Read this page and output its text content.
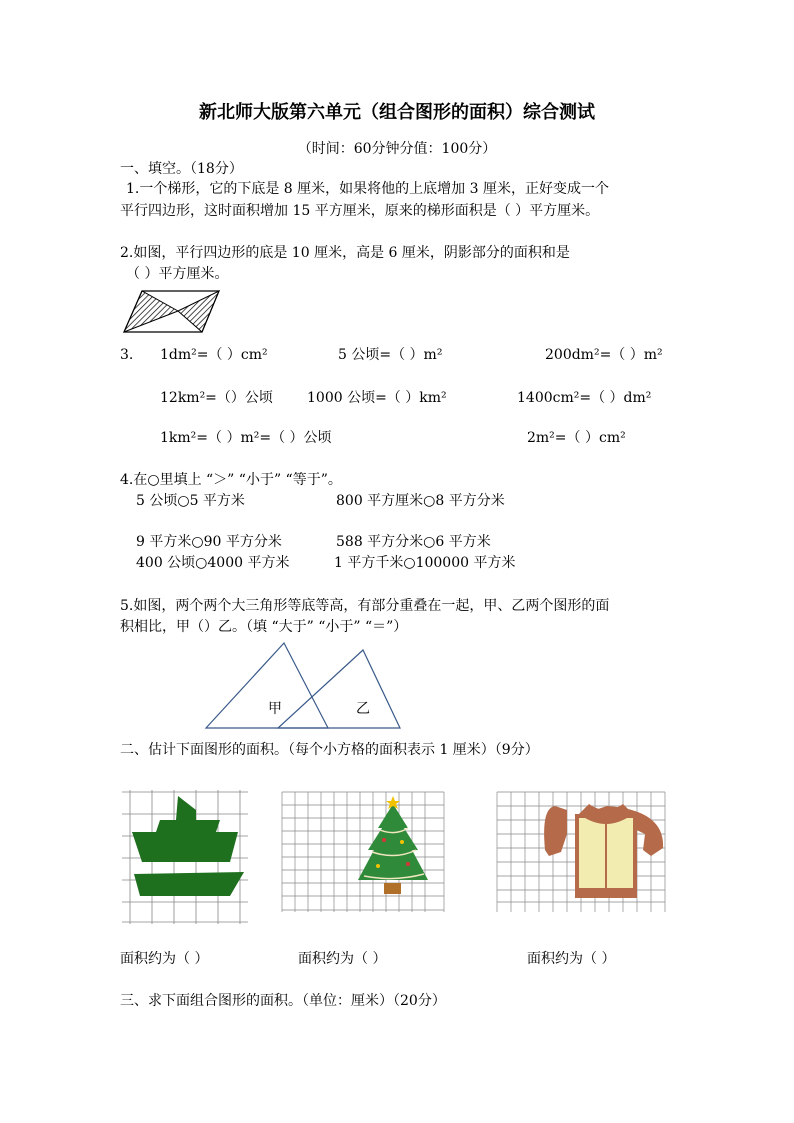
新北师大版第六单元（组合图形的面积）综合测试
（时间：60分钟分值：100分）
一、填空。（18分）
1.一个梯形，它的下底是 8 厘米，如果将他的上底增加 3 厘米，正好变成一个
平行四边形，这时面积增加 15 平方厘米，原来的梯形面积是（ ）平方厘米。
2.如图，平行四边形的底是 10 厘米，高是 6 厘米，阴影部分的面积和是
（ ）平方厘米。
3. 1dm²=（ ）cm²	5 公顷=（ ）m²	200dm²=（ ）m²
12km²=（）公顷 1000 公顷=（ ）km²	1400cm²=（ ）dm²
1km²=（ ）m²=（ ）公顷	2m²=（ ）cm²
4.在○里填上 “＞” “小于” “等于”。
5 公顷○5 平方米	800 平方厘米○8 平方分米
9 平方米○90 平方分米	588 平方分米○6 平方米
400 公顷○4000 平方米	1 平方千米○100000 平方米
5.如图，两个两个大三角形等底等高，有部分重叠在一起，甲、乙两个图形的面
积相比，甲（）乙。（填 “大于” “小于” “＝”）
甲	乙
二、估计下面图形的面积。（每个小方格的面积表示 1 厘米）（9分）
面积约为（ ）	面积约为（ ）	面积约为（ ）
三、求下面组合图形的面积。（单位：厘米）（20分）
